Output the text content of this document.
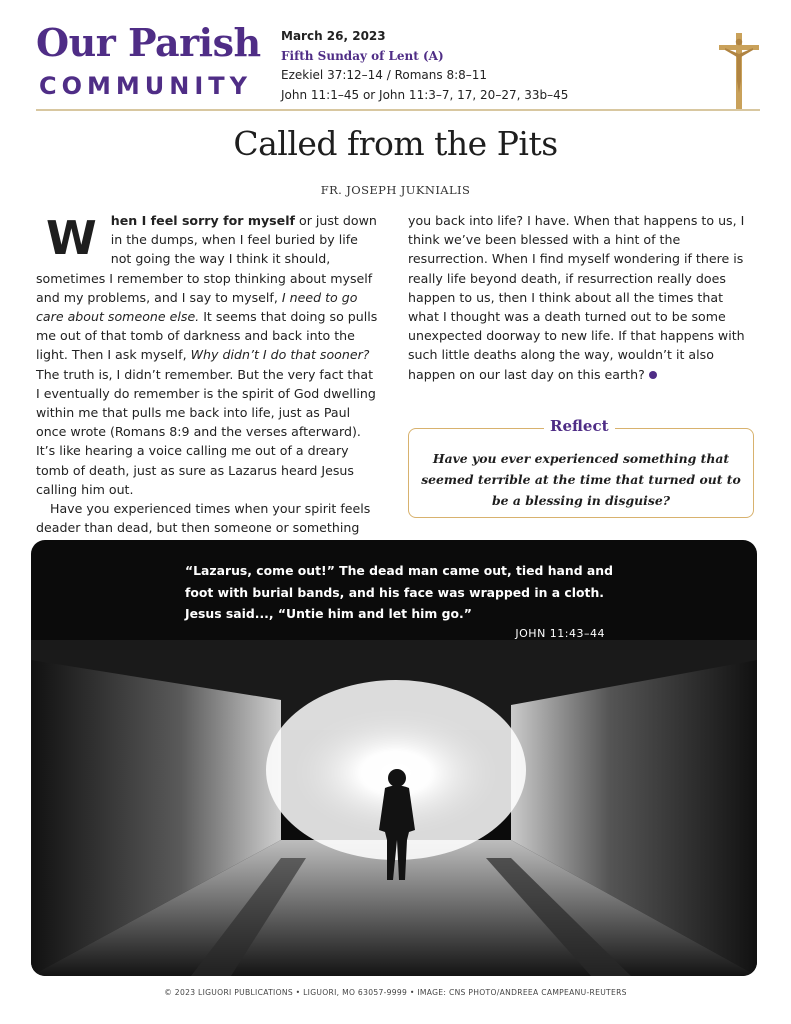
Our Parish
COMMUNITY
March 26, 2023
Fifth Sunday of Lent (A)
Ezekiel 37:12–14 / Romans 8:8–11
John 11:1–45 or John 11:3–7, 17, 20–27, 33b–45
Called from the Pits
FR. JOSEPH JUKNIALIS

W hen I feel sorry for myself or just down in the dumps, when I feel buried by life not going the way I think it should, sometimes I remember to stop thinking about myself and my problems, and I say to myself, I need to go care about someone else. It seems that doing so pulls me out of that tomb of darkness and back into the light. Then I ask myself, Why didn’t I do that sooner? The truth is, I didn’t remember. But the very fact that I eventually do remember is the spirit of God dwelling within me that pulls me back into life, just as Paul once wrote (Romans 8:9 and the verses afterward). It’s like hearing a voice calling me out of a dreary tomb of death, just as sure as Lazarus heard Jesus calling him out.

Have you experienced times when your spirit feels deader than dead, but then someone or something

you back into life? I have. When that happens to us, I think we’ve been blessed with a hint of the resurrection. When I find myself wondering if there is really life beyond death, if resurrection really does happen to us, then I think about all the times that what I thought was a death turned out to be some unexpected doorway to new life. If that happens with such little deaths along the way, wouldn’t it also happen on our last day on this earth?

Reflect
Have you ever experienced something that seemed terrible at the time that turned out to be a blessing in disguise?
“Lazarus, come out!” The dead man came out, tied hand and foot with burial bands, and his face was wrapped in a cloth. Jesus said..., “Untie him and let him go.”
JOHN 11:43–44
© 2023 LIGUORI PUBLICATIONS • LIGUORI, MO 63057-9999 • IMAGE: CNS PHOTO/ANDREEA CAMPEANU-REUTERS
